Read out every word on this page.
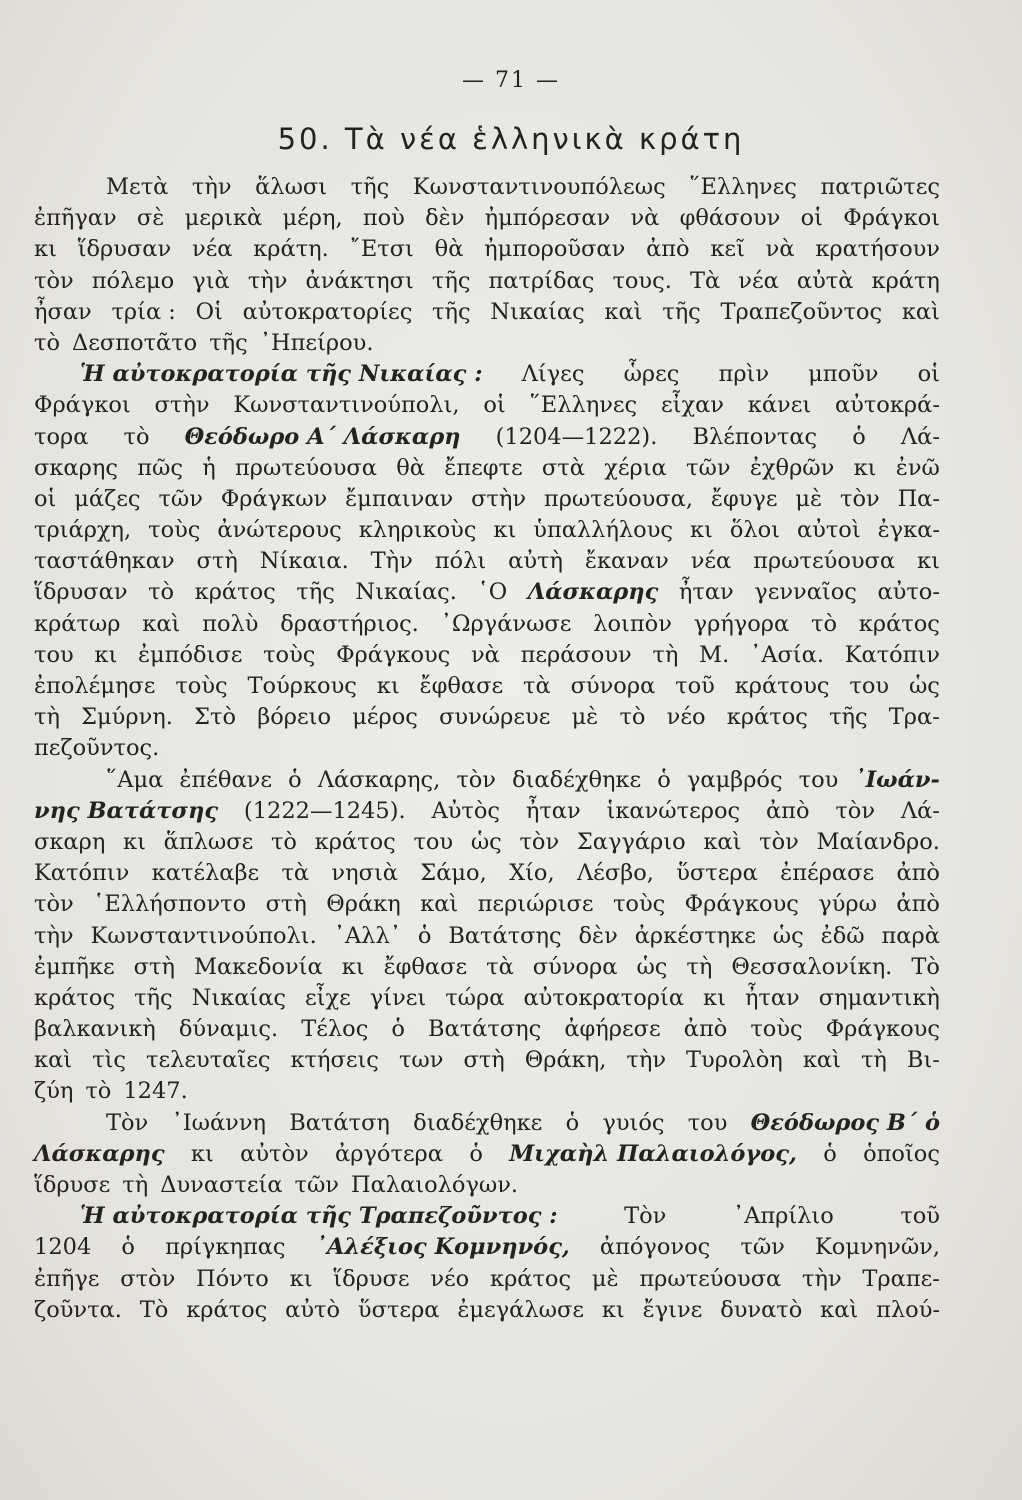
— 71 —
50. Τὰ νέα ἑλληνικὰ κράτη
Μετὰ τὴν ἅλωσι τῆς Κωνσταντινουπόλεως ῞Ελληνες πατριῶτες
ἐπῆγαν σὲ μερικὰ μέρη, ποὺ δὲν ἠμπόρεσαν νὰ φθάσουν οἱ Φράγκοι
κι ἵδρυσαν νέα κράτη. ῎Ετσι θὰ ἠμποροῦσαν ἀπὸ κεῖ νὰ κρατήσουν
τὸν πόλεμο γιὰ τὴν ἀνάκτησι τῆς πατρίδας τους. Τὰ νέα αὐτὰ κράτη
ἦσαν τρία : Οἱ αὐτοκρατορίες τῆς Νικαίας καὶ τῆς Τραπεζοῦντος καὶ
τὸ Δεσποτᾶτο τῆς ᾿Ηπείρου.
Ἡ αὐτοκρατορία τῆς Νικαίας : Λίγες ὧρες πρὶν μποῦν οἱ
Φράγκοι στὴν Κωνσταντινούπολι, οἱ ῞Ελληνες εἶχαν κάνει αὐτοκρά-
τορα τὸ Θεόδωρο Α΄ Λάσκαρη (1204—1222). Βλέποντας ὁ Λά-
σκαρης πῶς ἡ πρωτεύουσα θὰ ἔπεφτε στὰ χέρια τῶν ἐχθρῶν κι ἐνῶ
οἱ μάζες τῶν Φράγκων ἔμπαιναν στὴν πρωτεύουσα, ἔφυγε μὲ τὸν Πα-
τριάρχη, τοὺς ἀνώτερους κληρικοὺς κι ὑπαλλήλους κι ὅλοι αὐτοὶ ἐγκα-
ταστάθηκαν στὴ Νίκαια. Τὴν πόλι αὐτὴ ἔκαναν νέα πρωτεύουσα κι
ἵδρυσαν τὸ κράτος τῆς Νικαίας. ῾Ο Λάσκαρης ἦταν γενναῖος αὐτο-
κράτωρ καὶ πολὺ δραστήριος. ᾿Ωργάνωσε λοιπὸν γρήγορα τὸ κράτος
του κι ἐμπόδισε τοὺς Φράγκους νὰ περάσουν τὴ Μ. ᾿Ασία. Κατόπιν
ἐπολέμησε τοὺς Τούρκους κι ἔφθασε τὰ σύνορα τοῦ κράτους του ὡς
τὴ Σμύρνη. Στὸ βόρειο μέρος συνώρευε μὲ τὸ νέο κράτος τῆς Τρα-
πεζοῦντος.
῞Αμα ἐπέθανε ὁ Λάσκαρης, τὸν διαδέχθηκε ὁ γαμβρός του ᾿Ιωάν-
νης Βατάτσης (1222—1245). Αὐτὸς ἦταν ἱκανώτερος ἀπὸ τὸν Λά-
σκαρη κι ἅπλωσε τὸ κράτος του ὡς τὸν Σαγγάριο καὶ τὸν Μαίανδρο.
Κατόπιν κατέλαβε τὰ νησιὰ Σάμο, Χίο, Λέσβο, ὕστερα ἐπέρασε ἀπὸ
τὸν ῾Ελλήσποντο στὴ Θράκη καὶ περιώρισε τοὺς Φράγκους γύρω ἀπὸ
τὴν Κωνσταντινούπολι. ᾿Αλλ᾿ ὁ Βατάτσης δὲν ἀρκέστηκε ὡς ἐδῶ παρὰ
ἐμπῆκε στὴ Μακεδονία κι ἔφθασε τὰ σύνορα ὡς τὴ Θεσσαλονίκη. Τὸ
κράτος τῆς Νικαίας εἶχε γίνει τώρα αὐτοκρατορία κι ἦταν σημαντικὴ
βαλκανικὴ δύναμις. Τέλος ὁ Βατάτσης ἀφήρεσε ἀπὸ τοὺς Φράγκους
καὶ τὶς τελευταῖες κτήσεις των στὴ Θράκη, τὴν Τυρολὸη καὶ τὴ Βι-
ζύη τὸ 1247.
Τὸν ᾿Ιωάννη Βατάτση διαδέχθηκε ὁ γυιός του Θεόδωρος Β΄ ὁ
Λάσκαρης κι αὐτὸν ἀργότερα ὁ Μιχαὴλ Παλαιολόγος, ὁ ὁποῖος
ἵδρυσε τὴ Δυναστεία τῶν Παλαιολόγων.
Ἡ αὐτοκρατορία τῆς Τραπεζοῦντος :	Τὸν	᾿Απρίλιο	τοῦ
1204 ὁ πρίγκηπας ᾿Αλέξιος Κομνηνός, ἀπόγονος τῶν Κομνηνῶν,
ἐπῆγε στὸν Πόντο κι ἵδρυσε νέο κράτος μὲ πρωτεύουσα τὴν Τραπε-
ζοῦντα. Τὸ κράτος αὐτὸ ὕστερα ἐμεγάλωσε κι ἔγινε δυνατὸ καὶ πλού-
